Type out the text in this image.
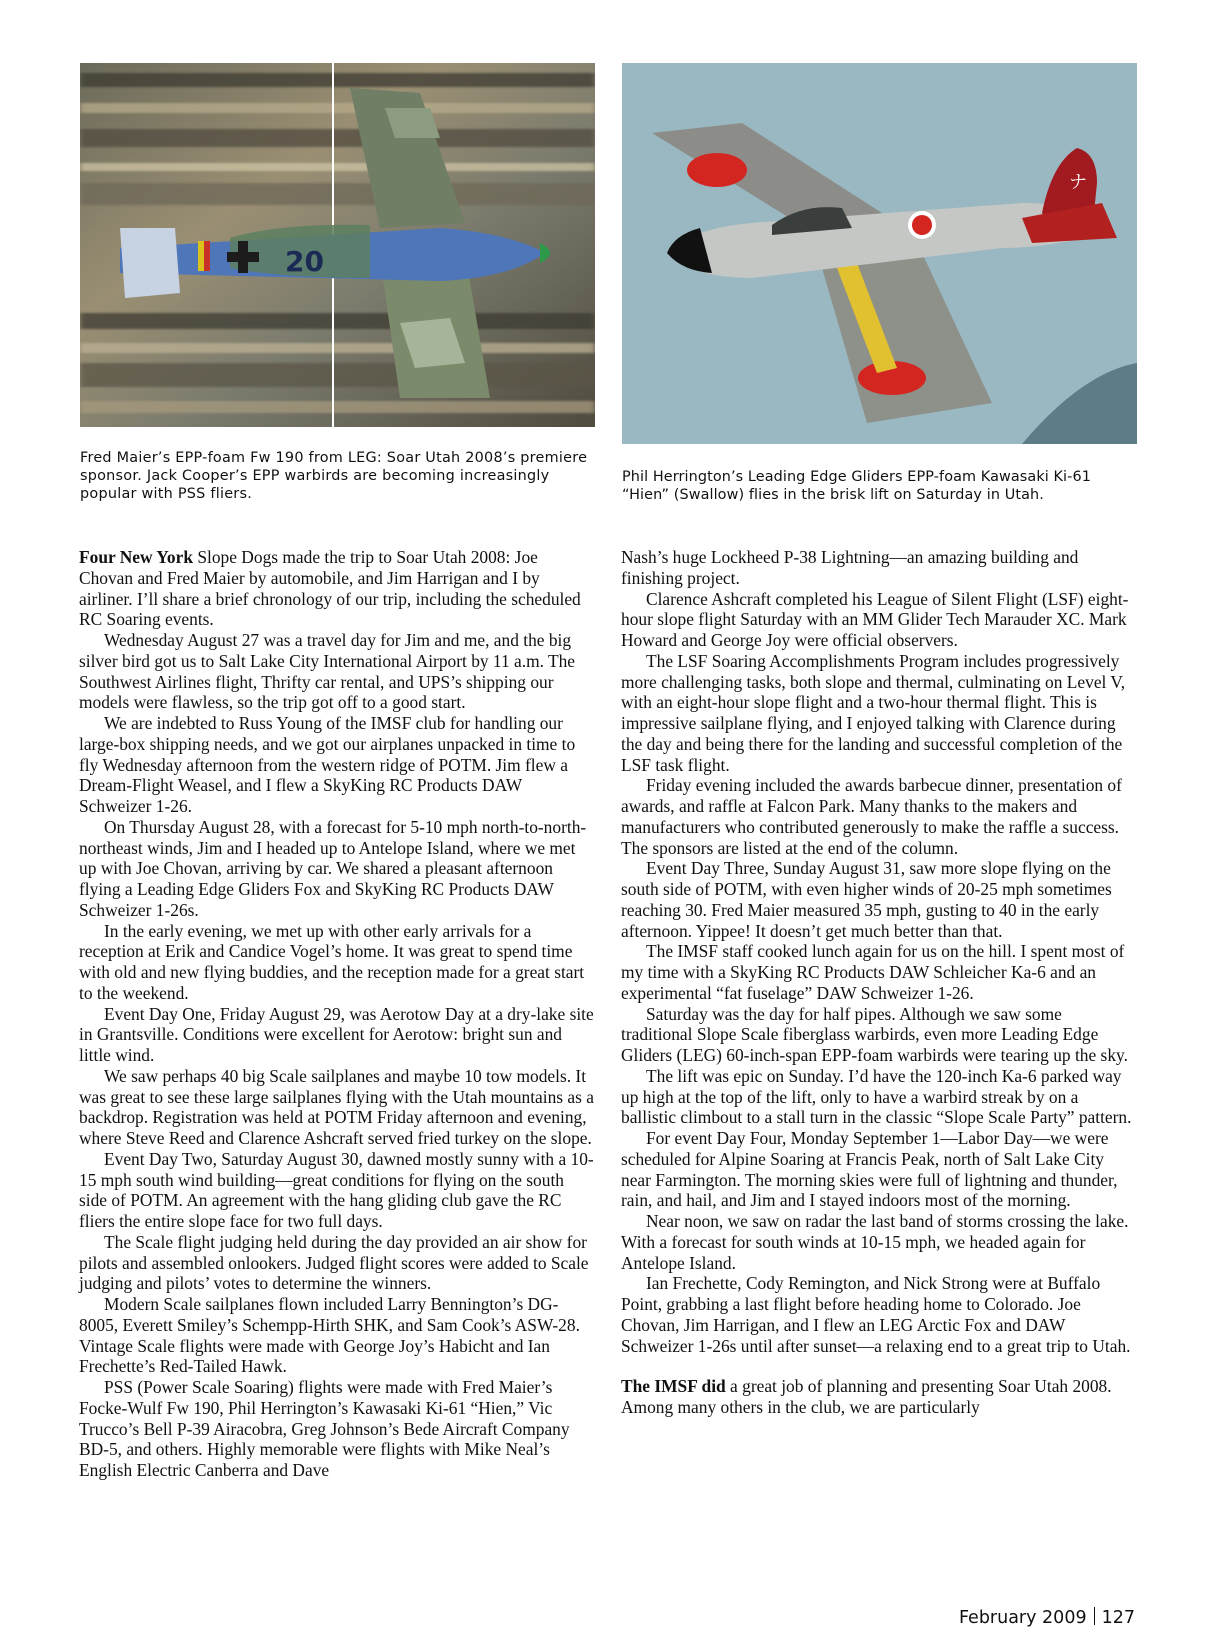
20
ナ
Fred Maier’s EPP-foam Fw 190 from LEG: Soar Utah 2008’s premiere sponsor. Jack Cooper’s EPP warbirds are becoming increasingly popular with PSS fliers.
Phil Herrington’s Leading Edge Gliders EPP-foam Kawasaki Ki-61 “Hien” (Swallow) flies in the brisk lift on Saturday in Utah.

Four New York Slope Dogs made the trip to Soar Utah 2008: Joe Chovan and Fred Maier by automobile, and Jim Harrigan and I by airliner. I’ll share a brief chronology of our trip, including the scheduled RC Soaring events.

Wednesday August 27 was a travel day for Jim and me, and the big silver bird got us to Salt Lake City International Airport by 11 a.m. The Southwest Airlines flight, Thrifty car rental, and UPS’s shipping our models were flawless, so the trip got off to a good start.

We are indebted to Russ Young of the IMSF club for handling our large-box shipping needs, and we got our airplanes unpacked in time to fly Wednesday afternoon from the western ridge of POTM. Jim flew a Dream-Flight Weasel, and I flew a SkyKing RC Products DAW Schweizer 1-26.

On Thursday August 28, with a forecast for 5-10 mph north-to-north-northeast winds, Jim and I headed up to Antelope Island, where we met up with Joe Chovan, arriving by car. We shared a pleasant afternoon flying a Leading Edge Gliders Fox and SkyKing RC Products DAW Schweizer 1-26s.

In the early evening, we met up with other early arrivals for a reception at Erik and Candice Vogel’s home. It was great to spend time with old and new flying buddies, and the reception made for a great start to the weekend.

Event Day One, Friday August 29, was Aerotow Day at a dry-lake site in Grantsville. Conditions were excellent for Aerotow: bright sun and little wind.

We saw perhaps 40 big Scale sailplanes and maybe 10 tow models. It was great to see these large sailplanes flying with the Utah mountains as a backdrop. Registration was held at POTM Friday afternoon and evening, where Steve Reed and Clarence Ashcraft served fried turkey on the slope.

Event Day Two, Saturday August 30, dawned mostly sunny with a 10-15 mph south wind building—great conditions for flying on the south side of POTM. An agreement with the hang gliding club gave the RC fliers the entire slope face for two full days.

The Scale flight judging held during the day provided an air show for pilots and assembled onlookers. Judged flight scores were added to Scale judging and pilots’ votes to determine the winners.

Modern Scale sailplanes flown included Larry Bennington’s DG-8005, Everett Smiley’s Schempp-Hirth SHK, and Sam Cook’s ASW-28. Vintage Scale flights were made with George Joy’s Habicht and Ian Frechette’s Red-Tailed Hawk.

PSS (Power Scale Soaring) flights were made with Fred Maier’s Focke-Wulf Fw 190, Phil Herrington’s Kawasaki Ki-61 “Hien,” Vic Trucco’s Bell P-39 Airacobra, Greg Johnson’s Bede Aircraft Company BD-5, and others. Highly memorable were flights with Mike Neal’s English Electric Canberra and Dave

Nash’s huge Lockheed P-38 Lightning—an amazing building and finishing project.

Clarence Ashcraft completed his League of Silent Flight (LSF) eight-hour slope flight Saturday with an MM Glider Tech Marauder XC. Mark Howard and George Joy were official observers.

The LSF Soaring Accomplishments Program includes progressively more challenging tasks, both slope and thermal, culminating on Level V, with an eight-hour slope flight and a two-hour thermal flight. This is impressive sailplane flying, and I enjoyed talking with Clarence during the day and being there for the landing and successful completion of the LSF task flight.

Friday evening included the awards barbecue dinner, presentation of awards, and raffle at Falcon Park. Many thanks to the makers and manufacturers who contributed generously to make the raffle a success. The sponsors are listed at the end of the column.

Event Day Three, Sunday August 31, saw more slope flying on the south side of POTM, with even higher winds of 20-25 mph sometimes reaching 30. Fred Maier measured 35 mph, gusting to 40 in the early afternoon. Yippee! It doesn’t get much better than that.

The IMSF staff cooked lunch again for us on the hill. I spent most of my time with a SkyKing RC Products DAW Schleicher Ka-6 and an experimental “fat fuselage” DAW Schweizer 1-26.

Saturday was the day for half pipes. Although we saw some traditional Slope Scale fiberglass warbirds, even more Leading Edge Gliders (LEG) 60-inch-span EPP-foam warbirds were tearing up the sky.

The lift was epic on Sunday. I’d have the 120-inch Ka-6 parked way up high at the top of the lift, only to have a warbird streak by on a ballistic climbout to a stall turn in the classic “Slope Scale Party” pattern.

For event Day Four, Monday September 1—Labor Day—we were scheduled for Alpine Soaring at Francis Peak, north of Salt Lake City near Farmington. The morning skies were full of lightning and thunder, rain, and hail, and Jim and I stayed indoors most of the morning.

Near noon, we saw on radar the last band of storms crossing the lake. With a forecast for south winds at 10-15 mph, we headed again for Antelope Island.

Ian Frechette, Cody Remington, and Nick Strong were at Buffalo Point, grabbing a last flight before heading home to Colorado. Joe Chovan, Jim Harrigan, and I flew an LEG Arctic Fox and DAW Schweizer 1-26s until after sunset—a relaxing end to a great trip to Utah.

The IMSF did a great job of planning and presenting Soar Utah 2008. Among many others in the club, we are particularly

February 2009 127
